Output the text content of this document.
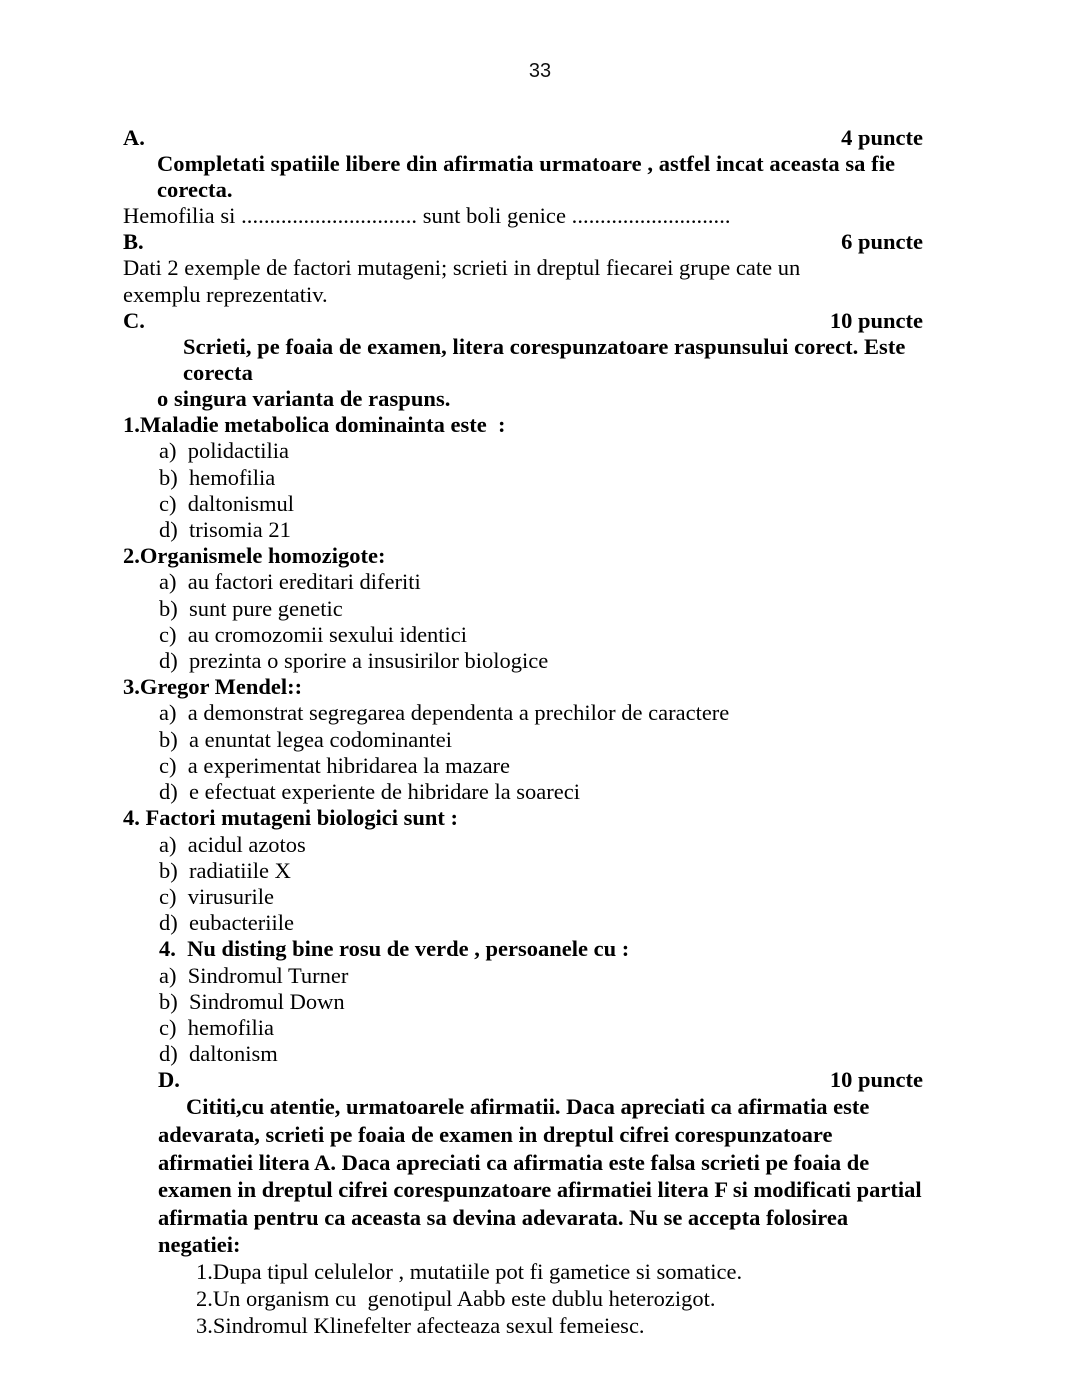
33
A.	4 puncte
Completati spatiile libere din afirmatia urmatoare , astfel incat aceasta sa fie corecta.
Hemofilia si ............................... sunt boli genice ............................
B.	6 puncte
Dati 2 exemple de factori mutageni; scrieti in dreptul fiecarei grupe cate un exemplu reprezentativ.
C.	10 puncte
Scrieti, pe foaia de examen, litera corespunzatoare raspunsului corect. Este corecta
o singura varianta de raspuns.
1.Maladie metabolica dominainta este  :
a) polidactilia
b) hemofilia
c) daltonismul
d) trisomia 21
2.Organismele homozigote:
a) au factori ereditari diferiti
b) sunt pure genetic
c) au cromozomii sexului identici
d) prezinta o sporire a insusirilor biologice
3.Gregor Mendel::
a) a demonstrat segregarea dependenta a prechilor de caractere
b) a enuntat legea codominantei
c) a experimentat hibridarea la mazare
d) e efectuat experiente de hibridare la soareci
4. Factori mutageni biologici sunt :
a) acidul azotos
b) radiatiile X
c) virusurile
d) eubacteriile
4.  Nu disting bine rosu de verde , persoanele cu :
a) Sindromul Turner
b) Sindromul Down
c) hemofilia
d) daltonism
D.	10 puncte
Cititi,cu atentie, urmatoarele afirmatii. Daca apreciati ca afirmatia este adevarata, scrieti pe foaia de examen in dreptul cifrei corespunzatoare afirmatiei litera A. Daca apreciati ca afirmatia este falsa scrieti pe foaia de examen in dreptul cifrei corespunzatoare afirmatiei litera F si modificati partial afirmatia pentru ca aceasta sa devina adevarata. Nu se accepta folosirea negatiei:
1.Dupa tipul celulelor , mutatiile pot fi gametice si somatice.
2.Un organism cu  genotipul Aabb este dublu heterozigot.
3.Sindromul Klinefelter afecteaza sexul femeiesc.
